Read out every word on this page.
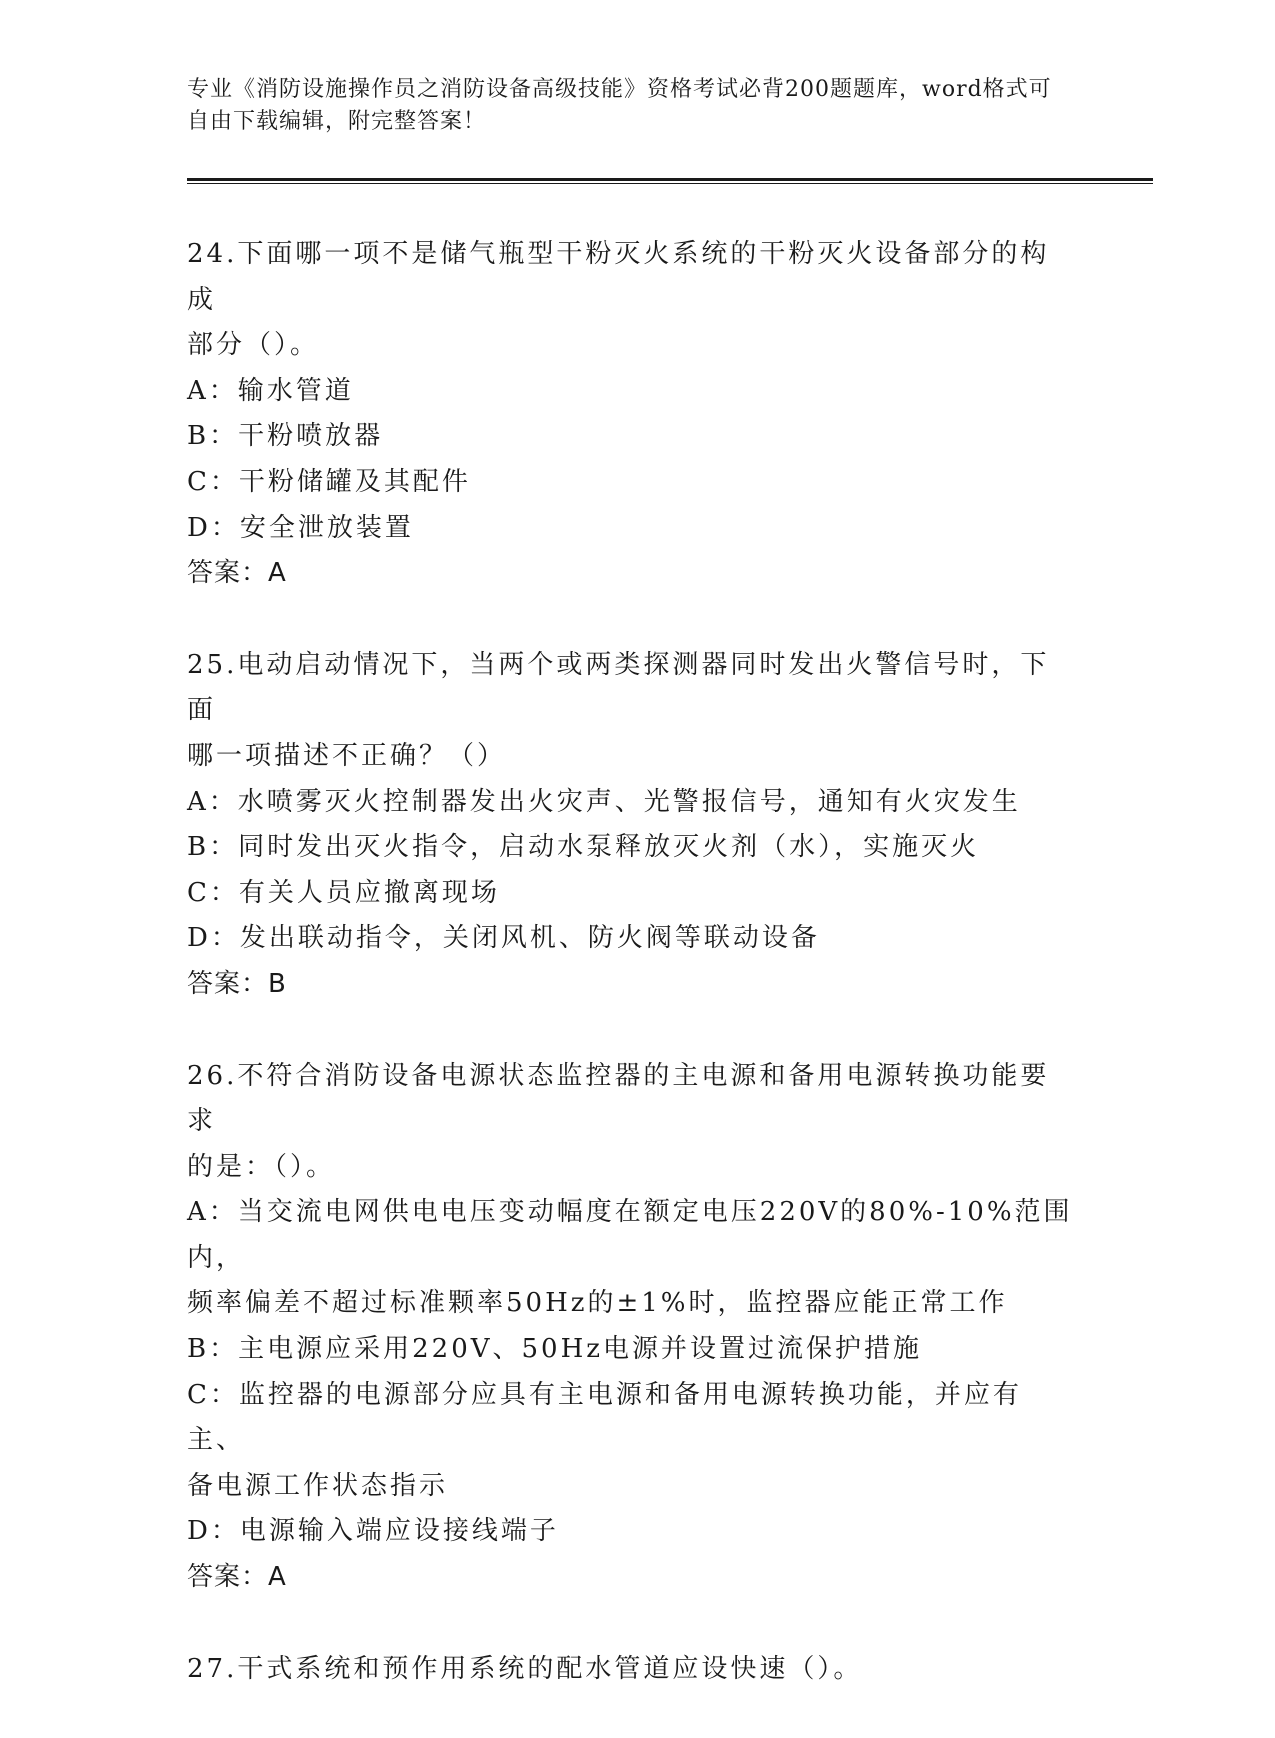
专业《消防设施操作员之消防设备高级技能》资格考试必背200题题库，word格式可自由下载编辑，附完整答案！
24.下面哪一项不是储气瓶型干粉灭火系统的干粉灭火设备部分的构成
部分（）。
A：输水管道
B：干粉喷放器
C：干粉储罐及其配件
D：安全泄放装置
答案：A
25.电动启动情况下，当两个或两类探测器同时发出火警信号时，下面
哪一项描述不正确？（）
A：水喷雾灭火控制器发出火灾声、光警报信号，通知有火灾发生
B：同时发出灭火指令，启动水泵释放灭火剂（水），实施灭火
C：有关人员应撤离现场
D：发出联动指令，关闭风机、防火阀等联动设备
答案：B
26.不符合消防设备电源状态监控器的主电源和备用电源转换功能要求
的是：（）。
A：当交流电网供电电压变动幅度在额定电压220V的80%-10%范围内，
频率偏差不超过标准颗率50Hz的±1%时，监控器应能正常工作
B：主电源应采用220V、50Hz电源并设置过流保护措施
C：监控器的电源部分应具有主电源和备用电源转换功能，并应有主、
备电源工作状态指示
D：电源输入端应设接线端子
答案：A
27.干式系统和预作用系统的配水管道应设快速（）。
